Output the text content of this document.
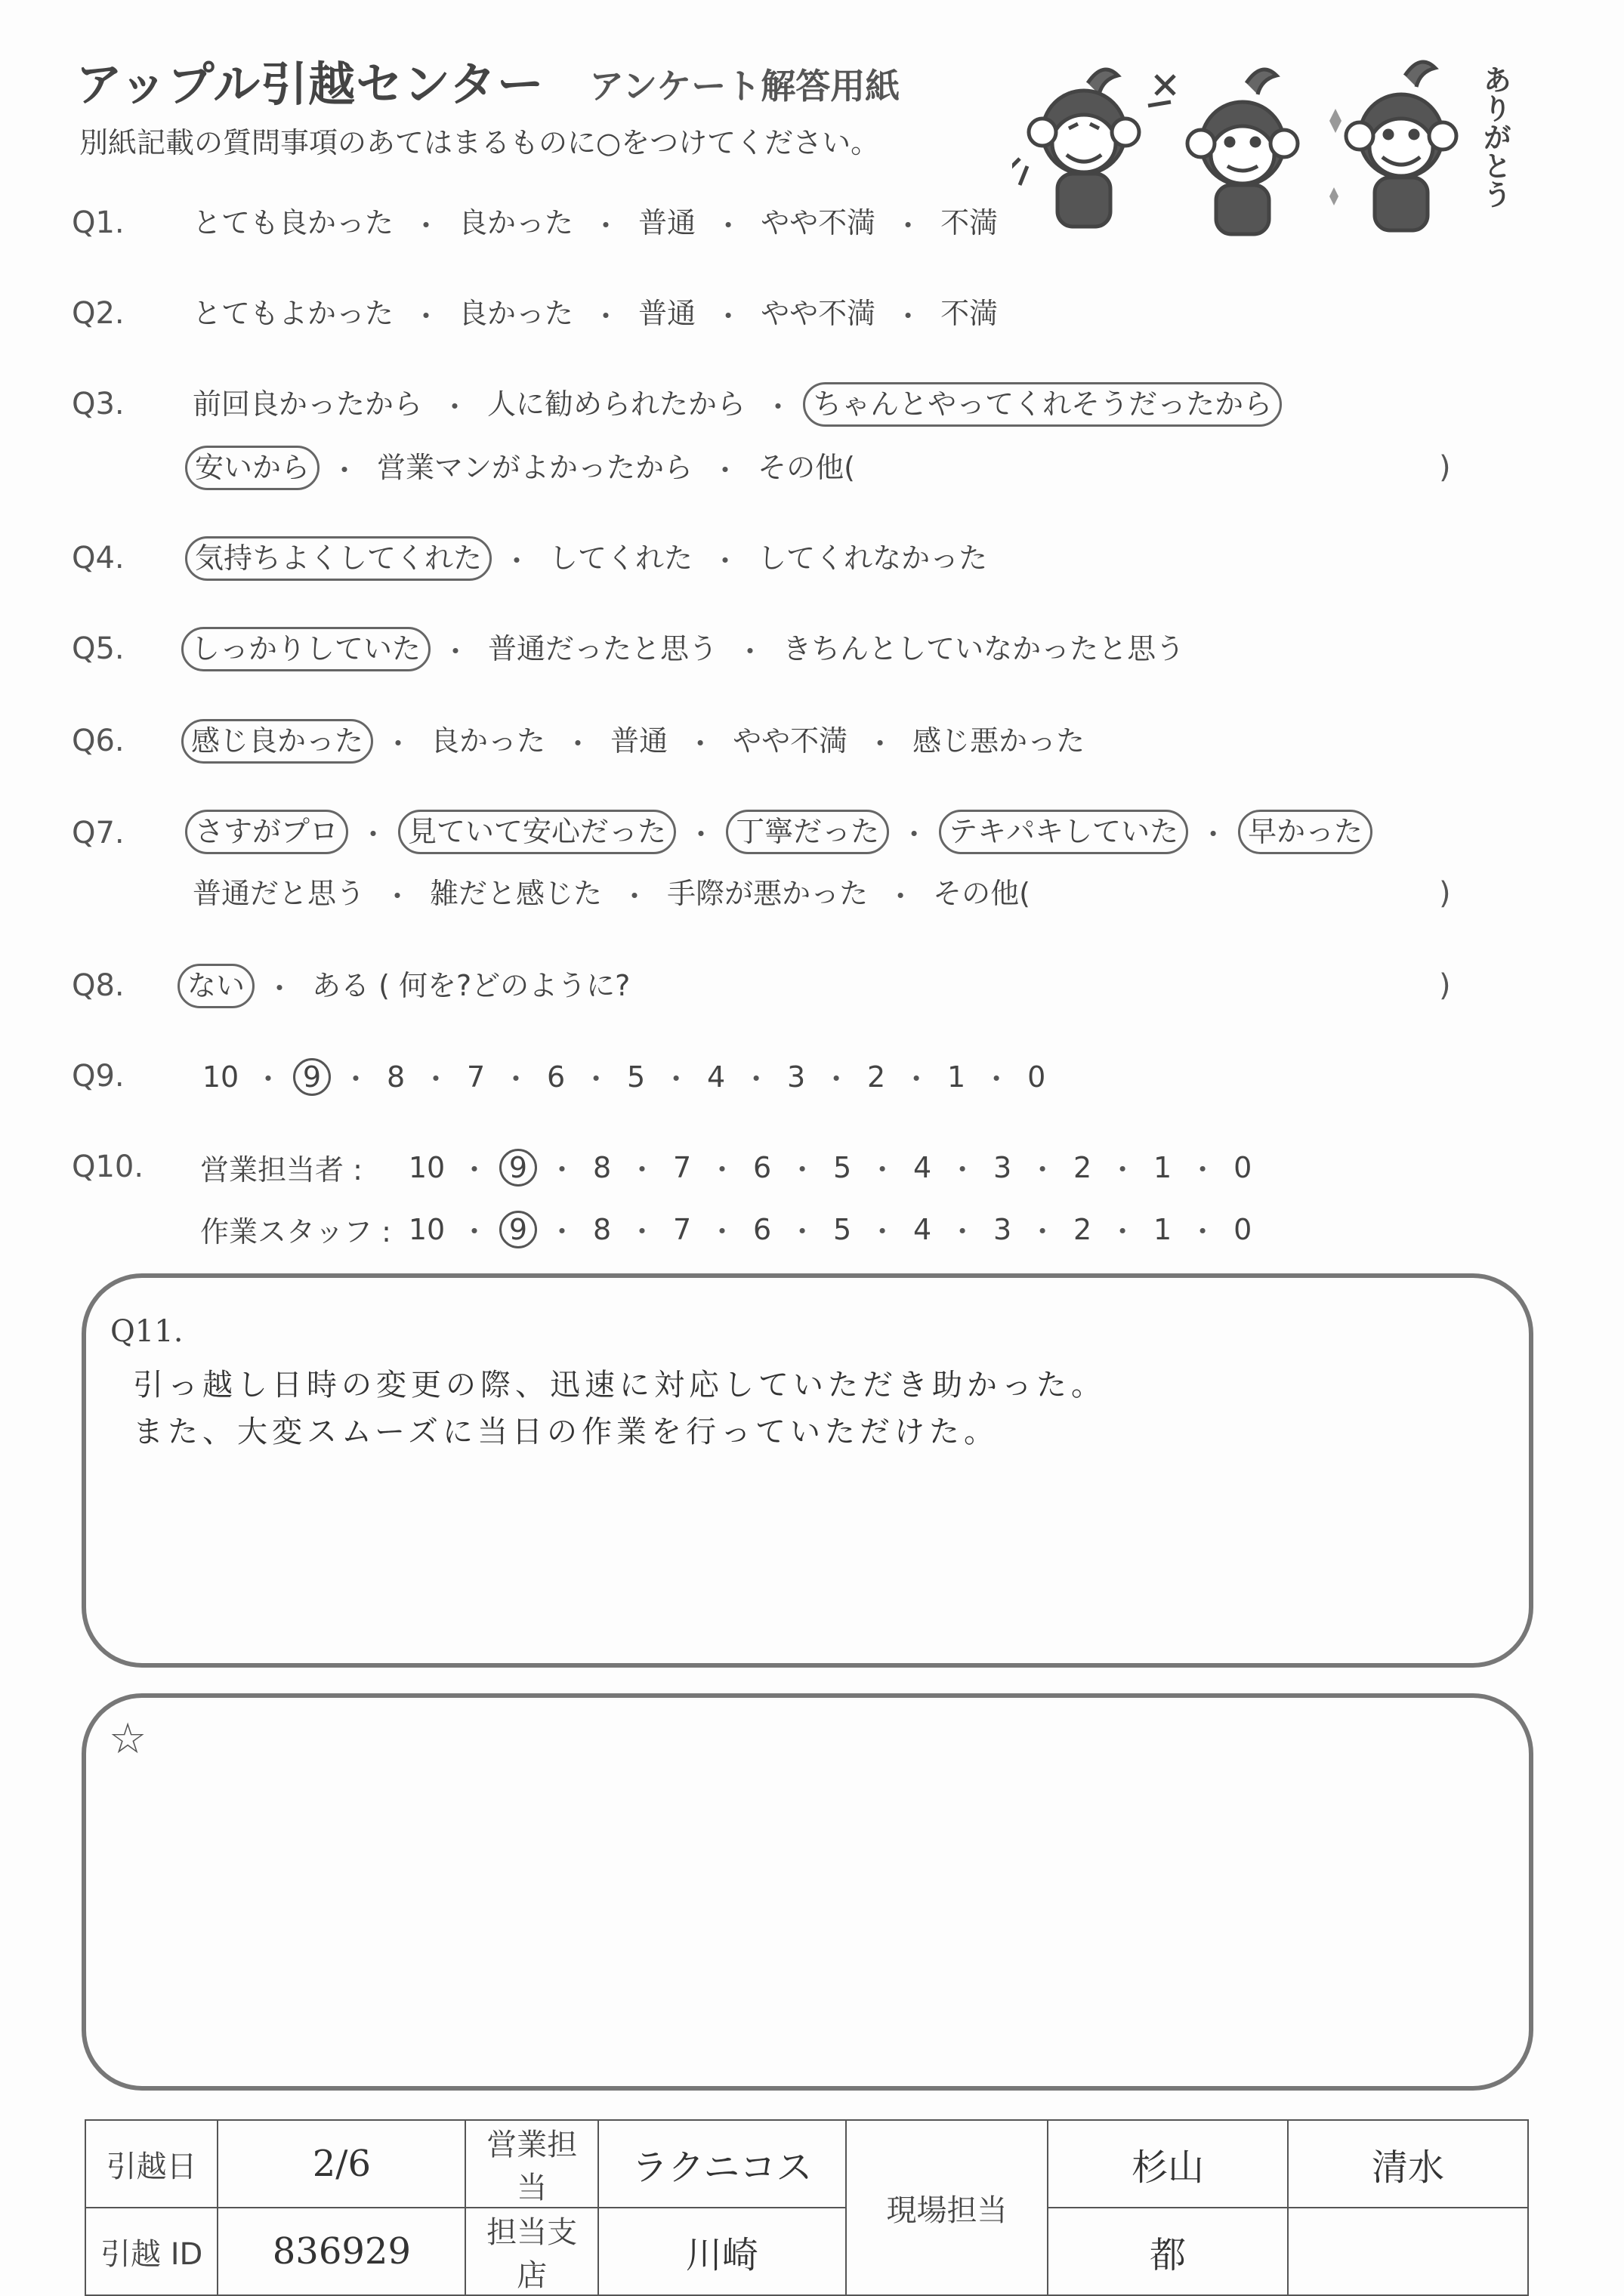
アップル引越センター アンケート解答用紙
別紙記載の質問事項のあてはまるものに○をつけてください。	ありがとう
Q1. とても良かった ・ 良かった ・ 普通 ・ やや不満 ・ 不満
Q2. とてもよかった ・ 良かった ・ 普通 ・ やや不満 ・ 不満
Q3. 前回良かったから ・ 人に勧められたから ・ ちゃんとやってくれそうだったから
安いから ・ 営業マンがよかったから ・ その他(	)
Q4.	気持ちよくしてくれた ・ してくれた ・ してくれなかった
Q5.	しっかりしていた ・ 普通だったと思う ・ きちんとしていなかったと思う
Q6.	感じ良かった ・ 良かった ・ 普通 ・ やや不満 ・ 感じ悪かった
Q7.	さすがプロ ・ 見ていて安心だった ・ 丁寧だった ・ テキパキしていた ・ 早かった
普通だと思う ・ 雑だと感じた ・ 手際が悪かった ・ その他(	)
Q8.	ない ・ ある ( 何を?どのように?	)
Q9.	10 ・ 9 ・ 8 ・ 7 ・ 6 ・ 5 ・ 4 ・ 3 ・ 2 ・ 1 ・ 0
Q10. 営業担当者 :	10 ・ 9 ・ 8 ・ 7 ・ 6 ・ 5 ・ 4 ・ 3 ・ 2 ・ 1 ・ 0
作業スタッフ : 10 ・ 9 ・ 8 ・ 7 ・ 6 ・ 5 ・ 4 ・ 3 ・ 2 ・ 1 ・ 0
Q11.
引っ越し日時の変更の際、迅速に対応していただき助かった。
また、大変スムーズに当日の作業を行っていただけた。
☆
引越日	2/6	営業担当	ラクニコス	現場担当	杉山	清水
引越 ID	836929	担当支店	川崎		都	
